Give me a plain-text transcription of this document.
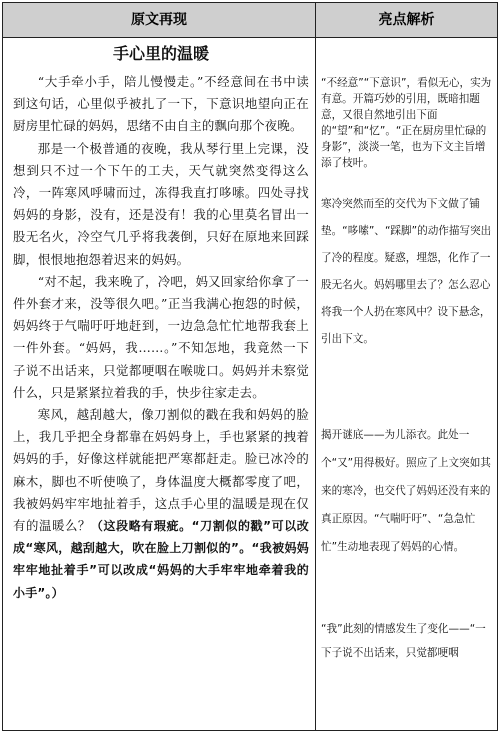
原文再现	亮点解析
手心里的温暖

“大手牵小手，陪儿慢慢走。”不经意间在书中读到这句话，心里似乎被扎了一下，下意识地望向正在厨房里忙碌的妈妈，思绪不由自主的飘向那个夜晚。

那是一个极普通的夜晚，我从琴行里上完课，没想到只不过一个下午的工夫，天气就突然变得这么冷，一阵寒风呼啸而过，冻得我直打哆嗦。四处寻找妈妈的身影，没有，还是没有！我的心里莫名冒出一股无名火，冷空气几乎将我袭倒，只好在原地来回踩脚，恨恨地抱怨着迟来的妈妈。

“对不起，我来晚了，冷吧，妈又回家给你拿了一件外套才来，没等很久吧。”正当我满心抱怨的时候，妈妈终于气喘吁吁地赶到，一边急急忙忙地帮我套上一件外套。“妈妈，我……。”不知怎地，我竟然一下子说不出话来，只觉都哽咽在喉咙口。妈妈并未察觉什么，只是紧紧拉着我的手，快步往家走去。

寒风，越刮越大，像刀割似的戳在我和妈妈的脸上，我几乎把全身都靠在妈妈身上，手也紧紧的拽着妈妈的手，好像这样就能把严寒都赶走。脸已冰冷的麻木，脚也不听使唤了，身体温度大概都零度了吧，我被妈妈牢牢地扯着手，这点手心里的温暖是现在仅有的温暖么？（这段略有瑕疵。“刀割似的戳”可以改成“寒风，越刮越大，吹在脸上刀割似的”。“我被妈妈牢牢地扯着手”可以改成“妈妈的大手牢牢地牵着我的小手”。）

“不经意”“下意识”，看似无心，实为有意。开篇巧妙的引用，既暗扣题意，又很自然地引出下面的“望”和“忆”。“正在厨房里忙碌的身影”，淡淡一笔，也为下文主旨增添了枝叶。

寒冷突然而至的交代为下文做了铺垫。“哆嗦”、“踩脚”的动作描写突出了冷的程度。疑惑，埋怨，化作了一股无名火。妈妈哪里去了？怎么忍心将我一个人扔在寒风中？设下悬念，引出下文。

揭开谜底——为儿添衣。此处一个“又”用得极好。照应了上文突如其来的寒冷，也交代了妈妈还没有来的真正原因。“气喘吁吁”、“急急忙忙”生动地表现了妈妈的心情。

“我”此刻的情感发生了变化——“一下子说不出话来，只觉都哽咽
